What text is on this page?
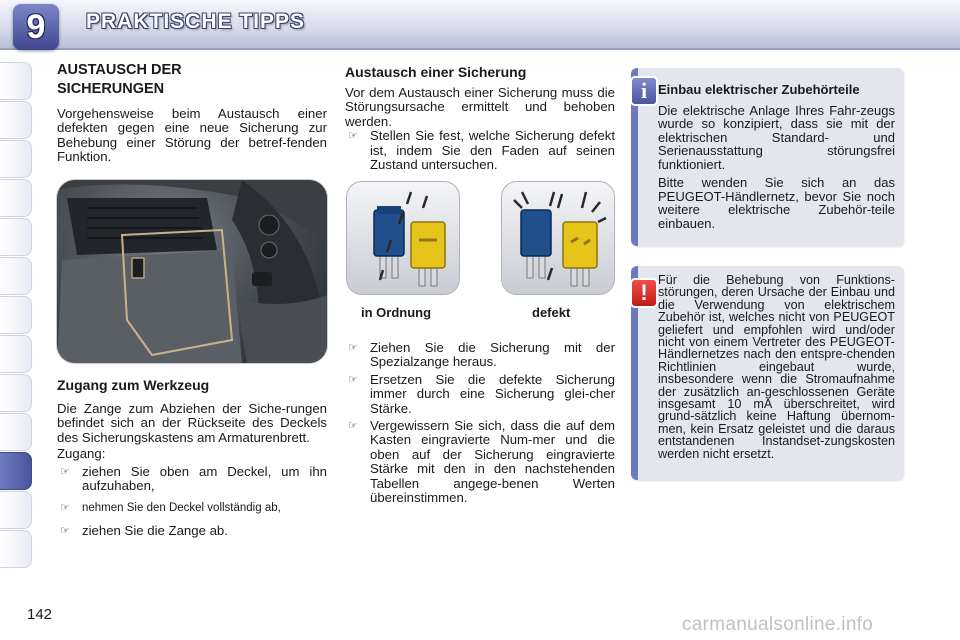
9	PRAKTISCHE TIPPS
AUSTAUSCH DER SICHERUNGEN

Vorgehensweise beim Austausch einer defekten gegen eine neue Sicherung zur Behebung einer Störung der betref-fenden Funktion.

Zugang zum Werkzeug

Die Zange zum Abziehen der Siche-rungen befindet sich an der Rückseite des Deckels des Sicherungskastens am Armaturenbrett.

Zugang:

☞ ziehen Sie oben am Deckel, um ihn aufzuhaben,
☞ nehmen Sie den Deckel vollständig ab,
☞ ziehen Sie die Zange ab.
Austausch einer Sicherung

Vor dem Austausch einer Sicherung muss die Störungsursache ermittelt und behoben werden.

☞ Stellen Sie fest, welche Sicherung defekt ist, indem Sie den Faden auf seinen Zustand untersuchen.
in Ordnung	defekt
☞ Ziehen Sie die Sicherung mit der Spezialzange heraus.
☞ Ersetzen Sie die defekte Sicherung immer durch eine Sicherung glei-cher Stärke.
☞ Vergewissern Sie sich, dass die auf dem Kasten eingravierte Num-mer und die oben auf der Sicherung eingravierte Stärke mit den in den nachstehenden Tabellen angege-benen Werten übereinstimmen.
i Einbau elektrischer Zubehörteile

Die elektrische Anlage Ihres Fahr-zeugs wurde so konzipiert, dass sie mit der elektrischen Standard- und Serienausstattung störungsfrei funktioniert.

Bitte wenden Sie sich an das PEUGEOT-Händlernetz, bevor Sie noch weitere elektrische Zubehör-teile einbauen.

! Für die Behebung von Funktions-störungen, deren Ursache der Einbau und die Verwendung von elektrischem Zubehör ist, welches nicht von PEUGEOT geliefert und empfohlen wird und/oder nicht von einem Vertreter des PEUGEOT-Händlernetzes nach den entspre-chenden Richtlinien eingebaut wurde, insbesondere wenn die Stromaufnahme der zusätzlich an-geschlossenen Geräte insgesamt 10 mA überschreitet, wird grund-sätzlich keine Haftung übernom-men, kein Ersatz geleistet und die daraus entstandenen Instandset-zungskosten werden nicht ersetzt.

142	carmanualsonline.info
